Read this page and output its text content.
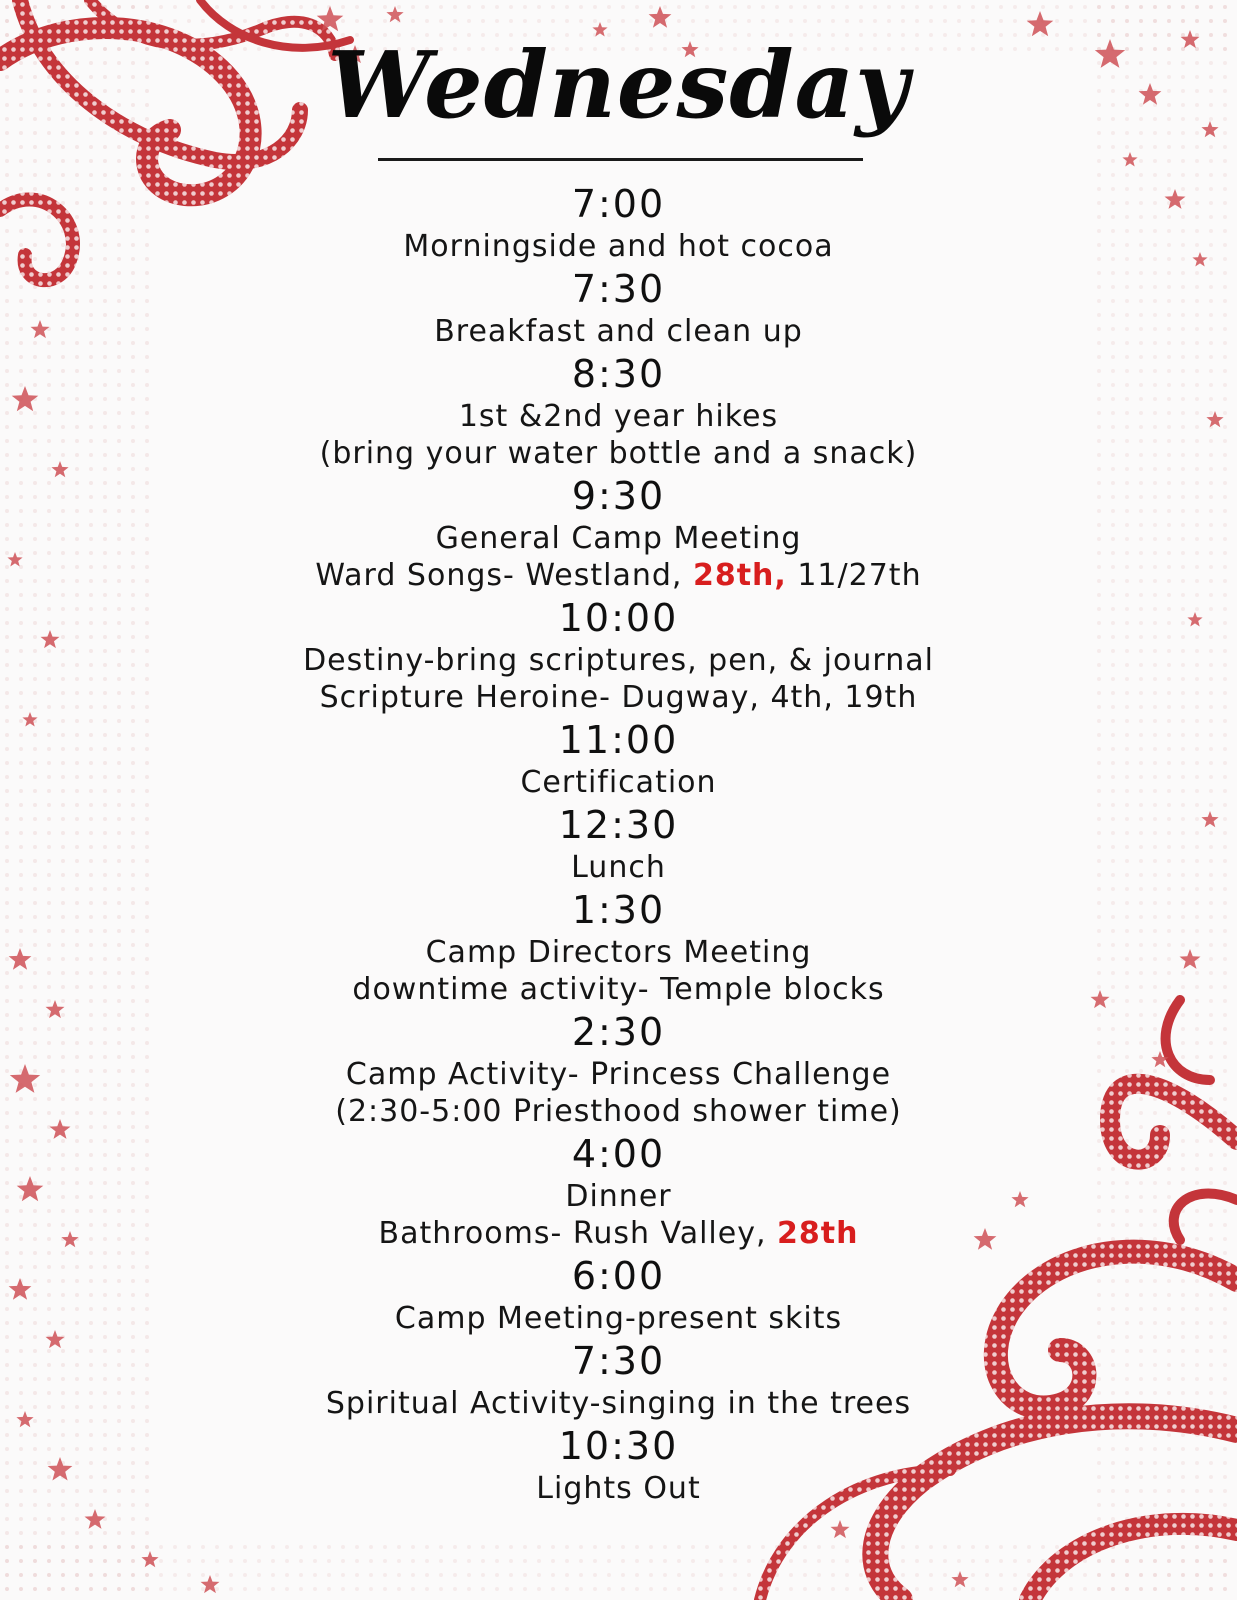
Wednesday
7:00
Morningside and hot cocoa
7:30
Breakfast and clean up
8:30
1st &2nd year hikes
(bring your water bottle and a snack)
9:30
General Camp Meeting
Ward Songs- Westland, 28th, 11/27th
10:00
Destiny-bring scriptures, pen, & journal
Scripture Heroine- Dugway, 4th, 19th
11:00
Certification
12:30
Lunch
1:30
Camp Directors Meeting
downtime activity- Temple blocks
2:30
Camp Activity- Princess Challenge
(2:30-5:00 Priesthood shower time)
4:00
Dinner
Bathrooms- Rush Valley, 28th
6:00
Camp Meeting-present skits
7:30
Spiritual Activity-singing in the trees
10:30
Lights Out
